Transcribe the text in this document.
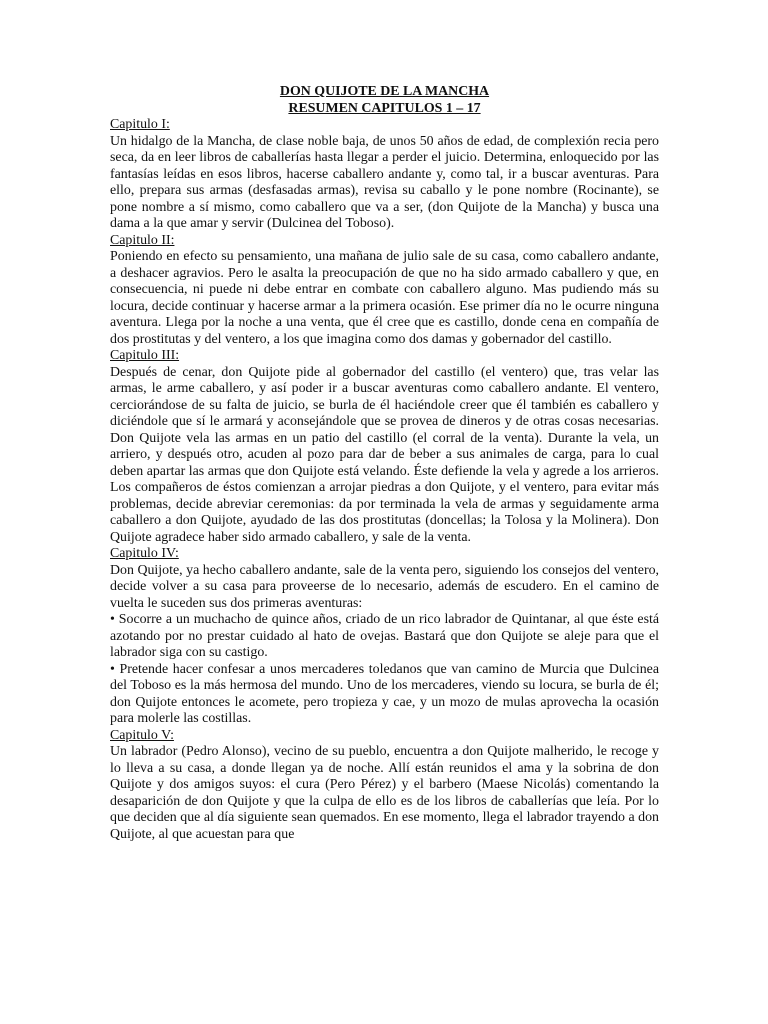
DON QUIJOTE DE LA MANCHA
RESUMEN CAPITULOS 1 – 17
Capitulo I:

Un hidalgo de la Mancha, de clase noble baja, de unos 50 años de edad, de complexión recia pero seca, da en leer libros de caballerías hasta llegar a perder el juicio. Determina, enloquecido por las fantasías leídas en esos libros, hacerse caballero andante y, como tal, ir a buscar aventuras. Para ello, prepara sus armas (desfasadas armas), revisa su caballo y le pone nombre (Rocinante), se pone nombre a sí mismo, como caballero que va a ser, (don Quijote de la Mancha) y busca una dama a la que amar y servir (Dulcinea del Toboso).

Capitulo II:

Poniendo en efecto su pensamiento, una mañana de julio sale de su casa, como caballero andante, a deshacer agravios. Pero le asalta la preocupación de que no ha sido armado caballero y que, en consecuencia, ni puede ni debe entrar en combate con caballero alguno. Mas pudiendo más su locura, decide continuar y hacerse armar a la primera ocasión. Ese primer día no le ocurre ninguna aventura. Llega por la noche a una venta, que él cree que es castillo, donde cena en compañía de dos prostitutas y del ventero, a los que imagina como dos damas y gobernador del castillo.

Capitulo III:

Después de cenar, don Quijote pide al gobernador del castillo (el ventero) que, tras velar las armas, le arme caballero, y así poder ir a buscar aventuras como caballero andante. El ventero, cerciorándose de su falta de juicio, se burla de él haciéndole creer que él también es caballero y diciéndole que sí le armará y aconsejándole que se provea de dineros y de otras cosas necesarias. Don Quijote vela las armas en un patio del castillo (el corral de la venta). Durante la vela, un arriero, y después otro, acuden al pozo para dar de beber a sus animales de carga, para lo cual deben apartar las armas que don Quijote está velando. Éste defiende la vela y agrede a los arrieros. Los compañeros de éstos comienzan a arrojar piedras a don Quijote, y el ventero, para evitar más problemas, decide abreviar ceremonias: da por terminada la vela de armas y seguidamente arma caballero a don Quijote, ayudado de las dos prostitutas (doncellas; la Tolosa y la Molinera). Don Quijote agradece haber sido armado caballero, y sale de la venta.

Capitulo IV:

Don Quijote, ya hecho caballero andante, sale de la venta pero, siguiendo los consejos del ventero, decide volver a su casa para proveerse de lo necesario, además de escudero. En el camino de vuelta le suceden sus dos primeras aventuras:

• Socorre a un muchacho de quince años, criado de un rico labrador de Quintanar, al que éste está azotando por no prestar cuidado al hato de ovejas. Bastará que don Quijote se aleje para que el labrador siga con su castigo.

• Pretende hacer confesar a unos mercaderes toledanos que van camino de Murcia que Dulcinea del Toboso es la más hermosa del mundo. Uno de los mercaderes, viendo su locura, se burla de él; don Quijote entonces le acomete, pero tropieza y cae, y un mozo de mulas aprovecha la ocasión para molerle las costillas.

Capitulo V:

Un labrador (Pedro Alonso), vecino de su pueblo, encuentra a don Quijote malherido, le recoge y lo lleva a su casa, a donde llegan ya de noche. Allí están reunidos el ama y la sobrina de don Quijote y dos amigos suyos: el cura (Pero Pérez) y el barbero (Maese Nicolás) comentando la desaparición de don Quijote y que la culpa de ello es de los libros de caballerías que leía. Por lo que deciden que al día siguiente sean quemados. En ese momento, llega el labrador trayendo a don Quijote, al que acuestan para que
